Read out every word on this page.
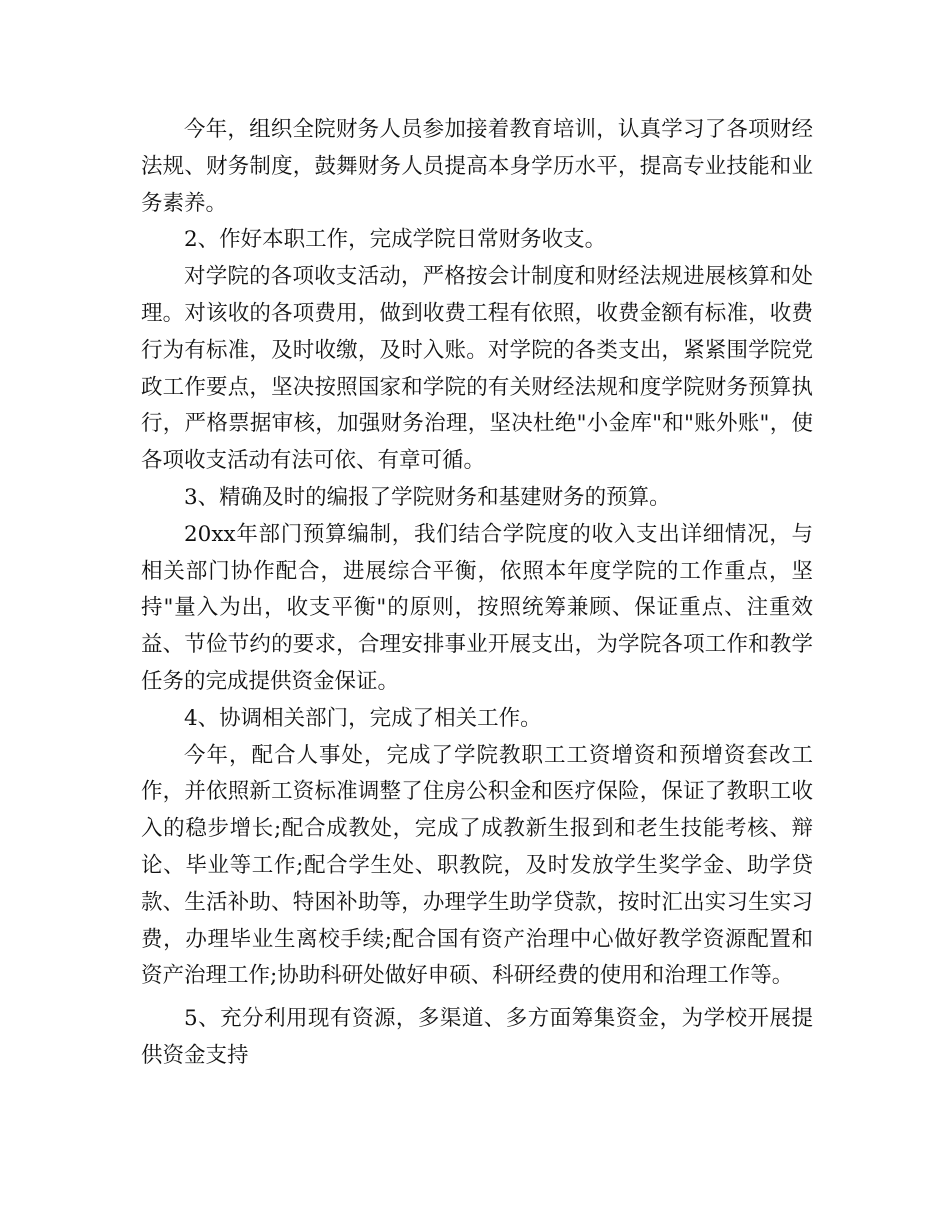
今年，组织全院财务人员参加接着教育培训，认真学习了各项财经法规、财务制度，鼓舞财务人员提高本身学历水平，提高专业技能和业务素养。

2、作好本职工作，完成学院日常财务收支。

对学院的各项收支活动，严格按会计制度和财经法规进展核算和处理。对该收的各项费用，做到收费工程有依照，收费金额有标准，收费行为有标准，及时收缴，及时入账。对学院的各类支出，紧紧围学院党政工作要点，坚决按照国家和学院的有关财经法规和度学院财务预算执行，严格票据审核，加强财务治理，坚决杜绝"小金库"和"账外账"，使各项收支活动有法可依、有章可循。

3、精确及时的编报了学院财务和基建财务的预算。

20xx年部门预算编制，我们结合学院度的收入支出详细情况，与相关部门协作配合，进展综合平衡，依照本年度学院的工作重点，坚持"量入为出，收支平衡"的原则，按照统筹兼顾、保证重点、注重效益、节俭节约的要求，合理安排事业开展支出，为学院各项工作和教学任务的完成提供资金保证。

4、协调相关部门，完成了相关工作。

今年，配合人事处，完成了学院教职工工资增资和预增资套改工作，并依照新工资标准调整了住房公积金和医疗保险，保证了教职工收入的稳步增长;配合成教处，完成了成教新生报到和老生技能考核、辩论、毕业等工作;配合学生处、职教院，及时发放学生奖学金、助学贷款、生活补助、特困补助等，办理学生助学贷款，按时汇出实习生实习费，办理毕业生离校手续;配合国有资产治理中心做好教学资源配置和资产治理工作;协助科研处做好申硕、科研经费的使用和治理工作等。

5、充分利用现有资源，多渠道、多方面筹集资金，为学校开展提供资金支持
